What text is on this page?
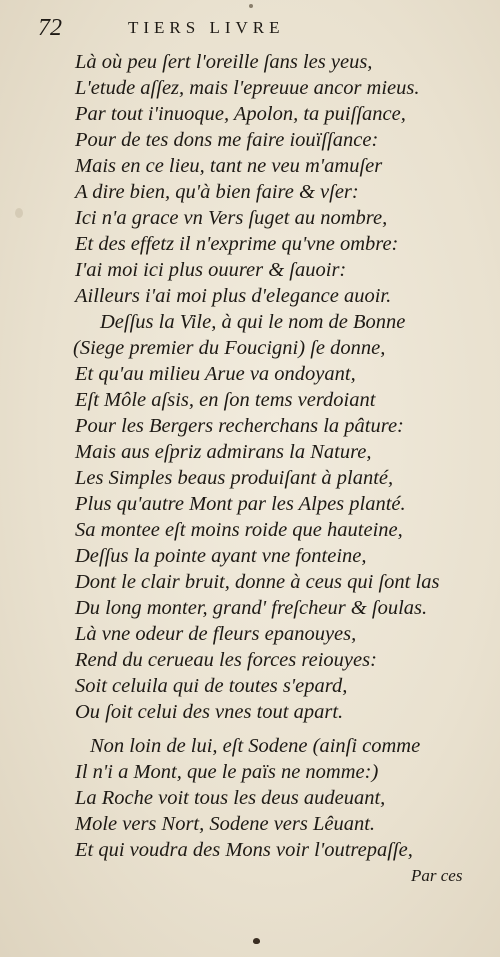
72	TIERS LIVRE
Là où peu ſert l'oreille ſans les yeus,
L'etude aſſez, mais l'epreuue ancor mieus.
Par tout i'inuoque, Apolon, ta puiſſance,
Pour de tes dons me faire iouïſſance:
Mais en ce lieu, tant ne veu m'amuſer
A dire bien, qu'à bien faire & vſer:
Ici n'a grace vn Vers ſuget au nombre,
Et des effetz il n'exprime qu'vne ombre:
I'ai moi ici plus ouurer & ſauoir:
Ailleurs i'ai moi plus d'elegance auoir.
Deſſus la Vile, à qui le nom de Bonne
(Siege premier du Foucigni) ſe donne,
Et qu'au milieu Arue va ondoyant,
Eſt Môle aſsis, en ſon tems verdoiant
Pour les Bergers recherchans la pâture:
Mais aus eſpriz admirans la Nature,
Les Simples beaus produiſant à planté,
Plus qu'autre Mont par les Alpes planté.
Sa montee eſt moins roide que hauteine,
Deſſus la pointe ayant vne fonteine,
Dont le clair bruit, donne à ceus qui ſont las
Du long monter, grand' freſcheur & ſoulas.
Là vne odeur de fleurs epanouyes,
Rend du cerueau les forces reiouyes:
Soit celuila qui de toutes s'epard,
Ou ſoit celui des vnes tout apart.
Non loin de lui, eſt Sodene (ainſi comme
Il n'i a Mont, que le païs ne nomme:)
La Roche voit tous les deus audeuant,
Mole vers Nort, Sodene vers Lêuant.
Et qui voudra des Mons voir l'outrepaſſe,
Par ces
